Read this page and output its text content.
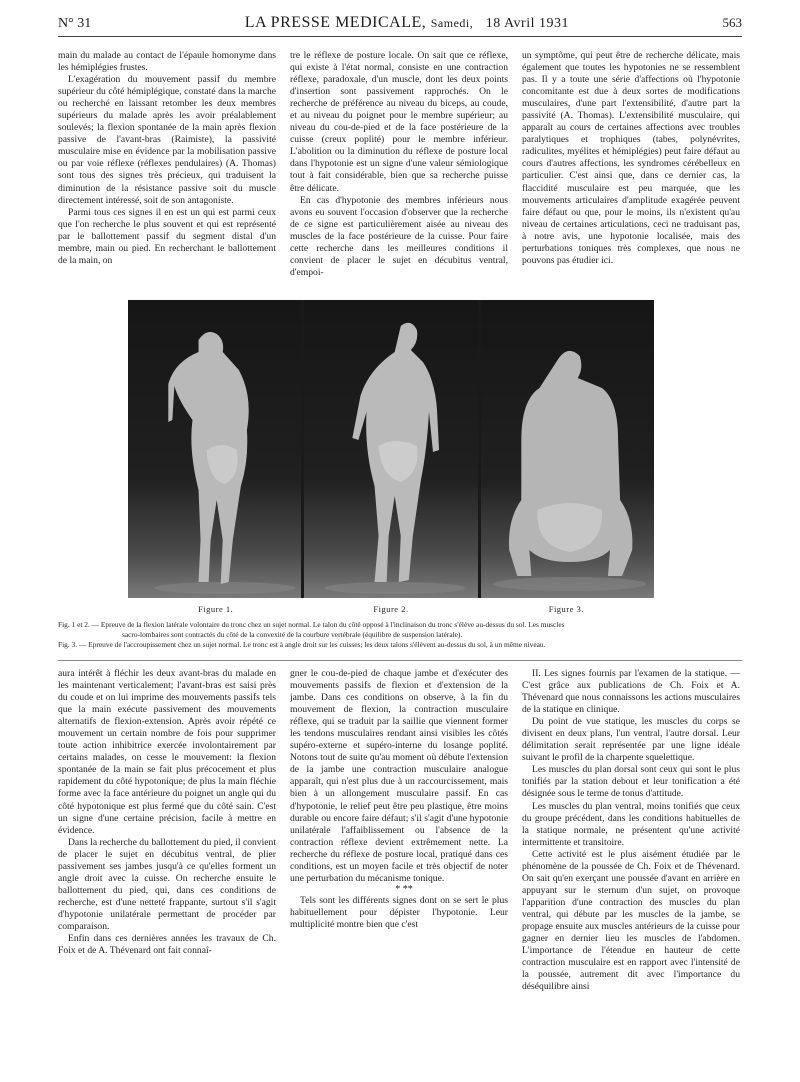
N° 31	LA PRESSE MEDICALE, Samedi, 18 Avril 1931	563

main du malade au contact de l'épaule homonyme dans les hémiplégies frustes.

L'exagération du mouvement passif du membre supérieur du côté hémiplégique, constaté dans la marche ou recherché en laissant retomber les deux membres supérieurs du malade après les avoir préalablement soulevés; la flexion spontanée de la main après flexion passive de l'avant-bras (Raimiste), la passivité musculaire mise en évidence par la mobilisation passive ou par voie réflexe (réflexes pendulaires) (A. Thomas) sont tous des signes très précieux, qui traduisent la diminution de la résistance passive soit du muscle directement intéressé, soit de son antagoniste.

Parmi tous ces signes il en est un qui est parmi ceux que l'on recherche le plus souvent et qui est représenté par le ballottement passif du segment distal d'un membre, main ou pied. En recherchant le ballottement de la main, on

tre le réflexe de posture locale. On sait que ce réflexe, qui existe à l'état normal, consiste en une contraction réflexe, paradoxale, d'un muscle, dont les deux points d'insertion sont passivement rapprochés. On le recherche de préférence au niveau du biceps, au coude, et au niveau du poignet pour le membre supérieur; au niveau du cou-de-pied et de la face postérieure de la cuisse (creux poplité) pour le membre inférieur. L'abolition ou la diminution du réflexe de posture local dans l'hypotonie est un signe d'une valeur sémiologique tout à fait considérable, bien que sa recherche puisse être délicate.

En cas d'hypotonie des membres inférieurs nous avons eu souvent l'occasion d'observer que la recherche de ce signe est particulièrement aisée au niveau des muscles de la face postérieure de la cuisse. Pour faire cette recherche dans les meilleures conditions il convient de placer le sujet en décubitus ventral, d'empoi-

un symptôme, qui peut être de recherche délicate, mais également que toutes les hypotonies ne se ressemblent pas. Il y a toute une série d'affections où l'hypotonie concomitante est due à deux sortes de modifications musculaires, d'une part l'extensibilité, d'autre part la passivité (A. Thomas). L'extensibilité musculaire, qui apparaît au cours de certaines affections avec troubles paralytiques et trophiques (tabes, polynévrites, radiculites, myélites et hémiplégies) peut faire défaut au cours d'autres affections, les syndromes cérébelleux en particulier. C'est ainsi que, dans ce dernier cas, la flaccidité musculaire est peu marquée, que les mouvements articulaires d'amplitude exagérée peuvent faire défaut ou que, pour le moins, ils n'existent qu'au niveau de certaines articulations, ceci ne traduisant pas, à notre avis, une hypotonie localisée, mais des perturbations toniques très complexes, que nous ne pouvons pas étudier ici.

Figure 1.	Figure 2.	Figure 3.
Fig. 1 et 2. — Epreuve de la flexion latérale volontaire du tronc chez un sujet normal. Le talon du côté opposé à l'inclinaison du tronc s'élève au-dessus du sol. Les muscles
sacro-lombaires sont contractés du côté de la convexité de la courbure vertébrale (équilibre de suspension latérale).
Fig. 3. — Epreuve de l'accroupissement chez un sujet normal. Le tronc est à angle droit sur les cuisses; les deux talons s'élèvent au-dessus du sol, à un même niveau.

aura intérêt à fléchir les deux avant-bras du malade en les maintenant verticalement; l'avant-bras est saisi près du coude et on lui imprime des mouvements passifs tels que la main exécute passivement des mouvements alternatifs de flexion-extension. Après avoir répété ce mouvement un certain nombre de fois pour supprimer toute action inhibitrice exercée involontairement par certains malades, on cesse le mouvement: la flexion spontanée de la main se fait plus précocement et plus rapidement du côté hypotonique; de plus la main fléchie forme avec la face antérieure du poignet un angle qui du côté hypotonique est plus fermé que du côté sain. C'est un signe d'une certaine précision, facile à mettre en évidence.

Dans la recherche du ballottement du pied, il convient de placer le sujet en décubitus ventral, de plier passivement ses jambes jusqu'à ce qu'elles forment un angle droit avec la cuisse. On recherche ensuite le ballottement du pied, qui, dans ces conditions de recherche, est d'une netteté frappante, surtout s'il s'agit d'hypotonie unilatérale permettant de procéder par comparaison.

Enfin dans ces dernières années les travaux de Ch. Foix et de A. Thévenard ont fait connaî-

gner le cou-de-pied de chaque jambe et d'exécuter des mouvements passifs de flexion et d'extension de la jambe. Dans ces conditions on observe, à la fin du mouvement de flexion, la contraction musculaire réflexe, qui se traduit par la saillie que viennent former les tendons musculaires rendant ainsi visibles les côtés supéro-externe et supéro-interne du losange poplité. Notons tout de suite qu'au moment où débute l'extension de la jambe une contraction musculaire analogue apparaît, qui n'est plus due à un raccourcissement, mais bien à un allongement musculaire passif. En cas d'hypotonie, le relief peut être peu plastique, être moins durable ou encore faire défaut; s'il s'agit d'une hypotonie unilatérale l'affaiblissement ou l'absence de la contraction réflexe devient extrêmement nette. La recherche du réflexe de posture local, pratiqué dans ces conditions, est un moyen facile et très objectif de noter une perturbation du mécanisme tonique.

* **

Tels sont les différents signes dont on se sert le plus habituellement pour dépister l'hypotonie. Leur multiplicité montre bien que c'est

II. Les signes fournis par l'examen de la statique. — C'est grâce aux publications de Ch. Foix et A. Thévenard que nous connaissons les actions musculaires de la statique en clinique.

Du point de vue statique, les muscles du corps se divisent en deux plans, l'un ventral, l'autre dorsal. Leur délimitation serait représentée par une ligne idéale suivant le profil de la charpente squelettique.

Les muscles du plan dorsal sont ceux qui sont le plus tonifiés par la station debout et leur tonification a été désignée sous le terme de tonus d'attitude.

Les muscles du plan ventral, moins tonifiés que ceux du groupe précédent, dans les conditions habituelles de la statique normale, ne présentent qu'une activité intermittente et transitoire.

Cette activité est le plus aisément étudiée par le phénomène de la poussée de Ch. Foix et de Thévenard. On sait qu'en exerçant une poussée d'avant en arrière en appuyant sur le sternum d'un sujet, on provoque l'apparition d'une contraction des muscles du plan ventral, qui débute par les muscles de la jambe, se propage ensuite aux muscles antérieurs de la cuisse pour gagner en dernier lieu les muscles de l'abdomen. L'importance de l'étendue en hauteur de cette contraction musculaire est en rapport avec l'intensité de la poussée, autrement dit avec l'importance du déséquilibre ainsi
